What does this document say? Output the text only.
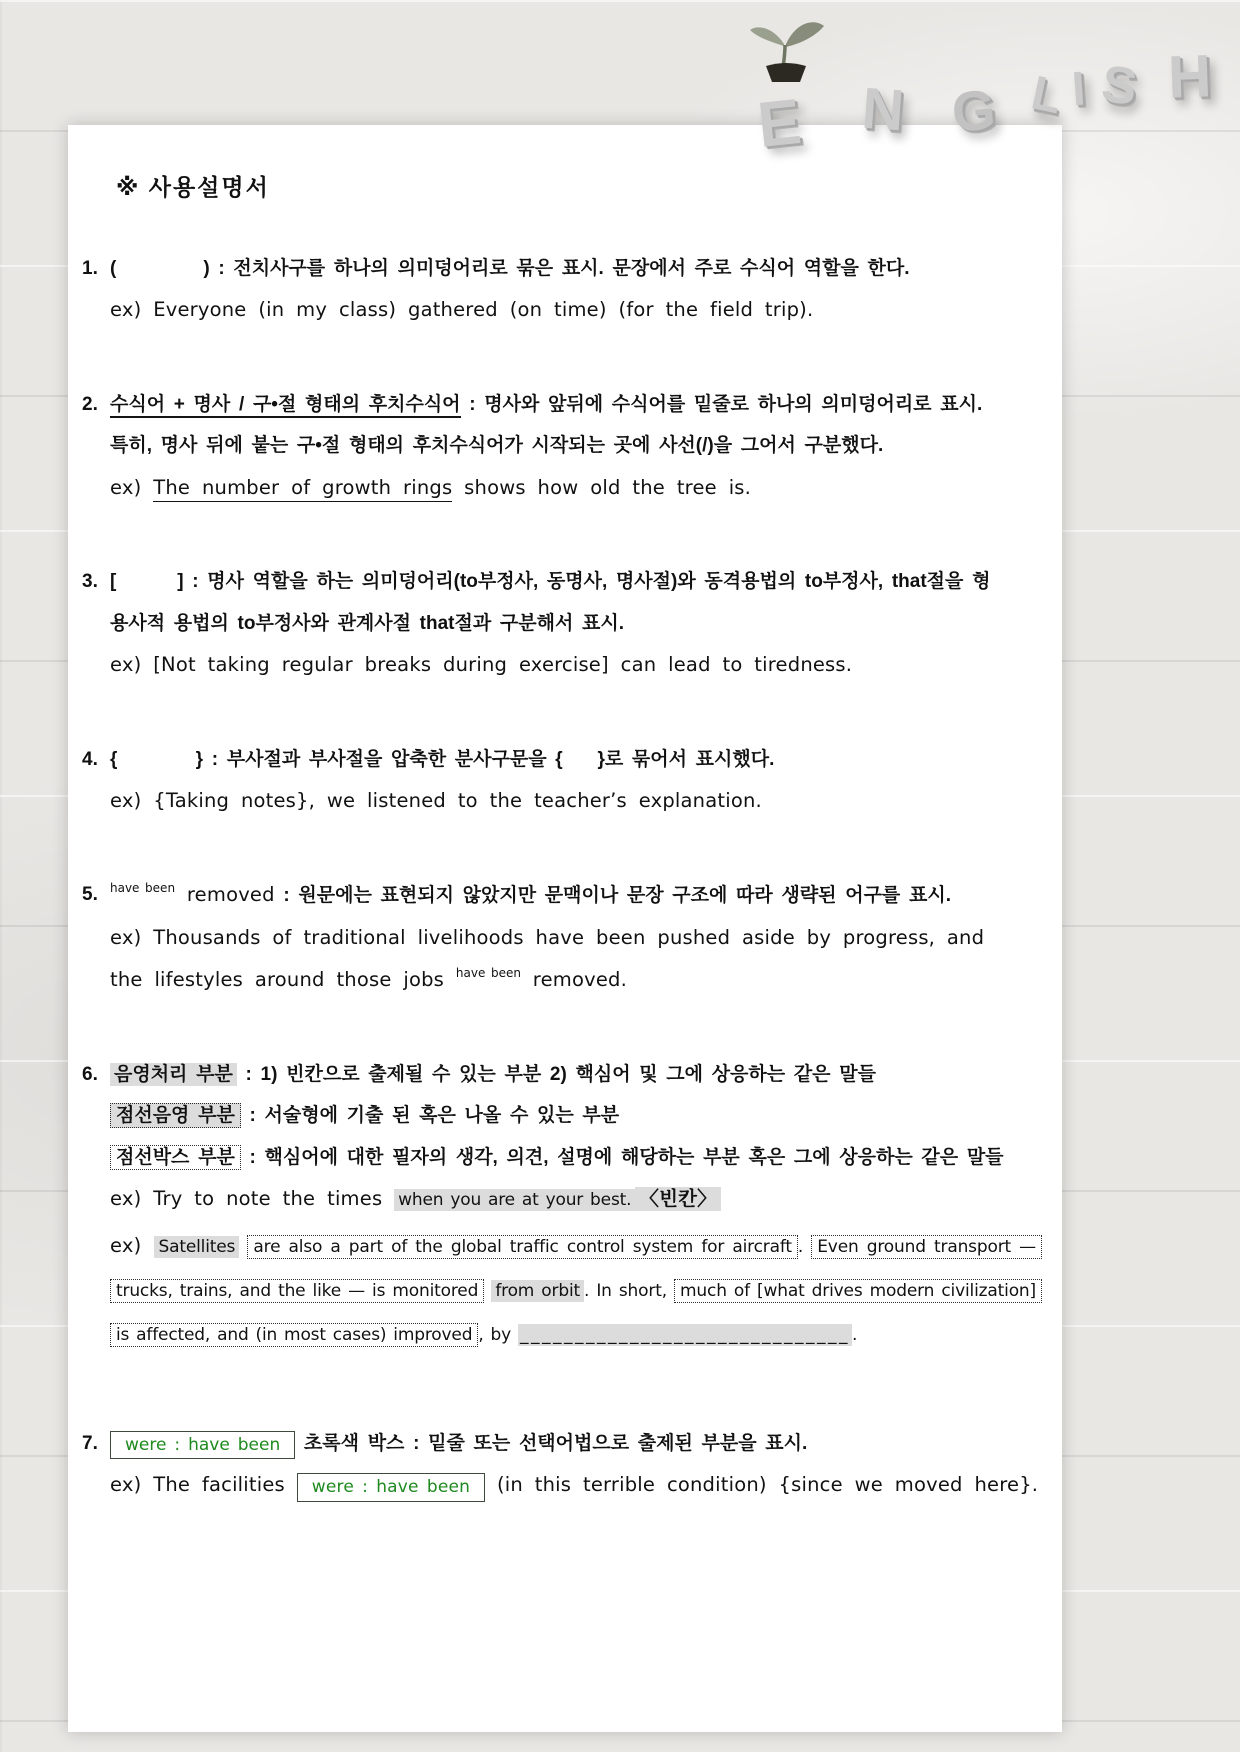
E N G L I S H
※ 사용설명서
1. (          ) : 전치사구를 하나의 의미덩어리로 묶은 표시. 문장에서 주로 수식어 역할을 한다.

ex) Everyone (in my class) gathered (on time) (for the field trip).

2. 수식어 + 명사 / 구•절 형태의 후치수식어 : 명사와 앞뒤에 수식어를 밑줄로 하나의 의미덩어리로 표시.

특히, 명사 뒤에 붙는 구•절 형태의 후치수식어가 시작되는 곳에 사선(/)을 그어서 구분했다.

ex) The number of growth rings shows how old the tree is.

3. [       ] : 명사 역할을 하는 의미덩어리(to부정사, 동명사, 명사절)와 동격용법의 to부정사, that절을 형

용사적 용법의 to부정사와 관계사절 that절과 구분해서 표시.

ex) [Not taking regular breaks during exercise] can lead to tiredness.

4. {         } : 부사절과 부사절을 압축한 분사구문을 {    }로 묶어서 표시했다.

ex) {Taking notes}, we listened to the teacher’s explanation.

5. $^{have been}$ removed : 원문에는 표현되지 않았지만 문맥이나 문장 구조에 따라 생략된 어구를 표시.

ex) Thousands of traditional livelihoods have been pushed aside by progress, and

the lifestyles around those jobs $^{have been}$ removed.

6. 음영처리 부분 : 1) 빈칸으로 출제될 수 있는 부분 2) 핵심어 및 그에 상응하는 같은 말들

점선음영 부분 : 서술형에 기출 된 혹은 나올 수 있는 부분

점선박스 부분 : 핵심어에 대한 필자의 생각, 의견, 설명에 해당하는 부분 혹은 그에 상응하는 같은 말들

ex) Try to note the times when you are at your best. 〈빈칸〉

ex) Satellites are also a part of the global traffic control system for aircraft . Even ground transport — trucks, trains, and the like — is monitored from orbit . In short, much of [what drives modern civilization] is affected, and (in most cases) improved , by ______________________________ .

7.	were : have been 초록색 박스 : 밑줄 또는 선택어법으로 출제된 부분을 표시.

ex) The facilities were : have been (in this terrible condition) {since we moved here}.
